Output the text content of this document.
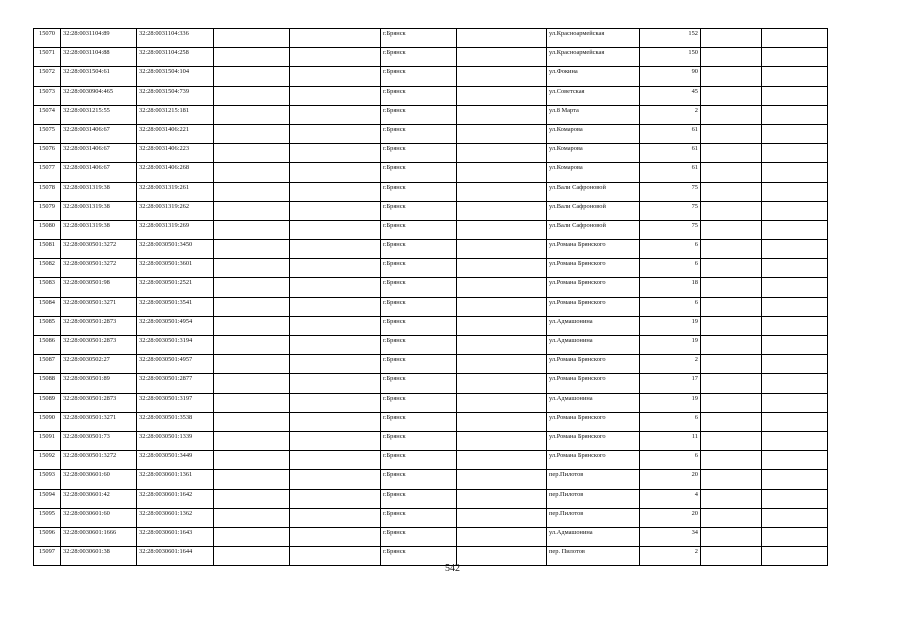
15070	32:28:0031104:89	32:28:0031104:336			г.Брянск		ул.Красноармейская	152		
15071	32:28:0031104:88	32:28:0031104:258			г.Брянск		ул.Красноармейская	150		
15072	32:28:0031504:61	32:28:0031504:104			г.Брянск		ул.Фокина	90		
15073	32:28:0030904:465	32:28:0031504:739			г.Брянск		ул.Советская	45		
15074	32:28:0031215:55	32:28:0031215:181			г.Брянск		ул.8 Марта	2		
15075	32:28:0031406:67	32:28:0031406:221			г.Брянск		ул.Комарова	61		
15076	32:28:0031406:67	32:28:0031406:223			г.Брянск		ул.Комарова	61		
15077	32:28:0031406:67	32:28:0031406:268			г.Брянск		ул.Комарова	61		
15078	32:28:0031319:38	32:28:0031319:261			г.Брянск		ул.Вали Сафроновой	75		
15079	32:28:0031319:38	32:28:0031319:262			г.Брянск		ул.Вали Сафроновой	75		
15080	32:28:0031319:38	32:28:0031319:269			г.Брянск		ул.Вали Сафроновой	75		
15081	32:28:0030501:3272	32:28:0030501:3450			г.Брянск		ул.Романа Брянского	6		
15082	32:28:0030501:3272	32:28:0030501:3601			г.Брянск		ул.Романа Брянского	6		
15083	32:28:0030501:98	32:28:0030501:2521			г.Брянск		ул.Романа Брянского	18		
15084	32:28:0030501:3271	32:28:0030501:3541			г.Брянск		ул.Романа Брянского	6		
15085	32:28:0030501:2873	32:28:0030501:4954			г.Брянск		ул.Адмашонина	19		
15086	32:28:0030501:2873	32:28:0030501:3194			г.Брянск		ул.Адмашонина	19		
15087	32:28:0030502:27	32:28:0030501:4957			г.Брянск		ул.Романа Брянского	2		
15088	32:28:0030501:89	32:28:0030501:2877			г.Брянск		ул.Романа Брянского	17		
15089	32:28:0030501:2873	32:28:0030501:3197			г.Брянск		ул.Адмашонина	19		
15090	32:28:0030501:3271	32:28:0030501:3538			г.Брянск		ул.Романа Брянского	6		
15091	32:28:0030501:73	32:28:0030501:1339			г.Брянск		ул.Романа Брянского	11		
15092	32:28:0030501:3272	32:28:0030501:3449			г.Брянск		ул.Романа Брянского	6		
15093	32:28:0030601:60	32:28:0030601:1361			г.Брянск		пер.Пилотов	20		
15094	32:28:0030601:42	32:28:0030601:1642			г.Брянск		пер.Пилотов	4		
15095	32:28:0030601:60	32:28:0030601:1362			г.Брянск		пер.Пилотов	20		
15096	32:28:0030601:1666	32:28:0030601:1643			г.Брянск		ул.Адмашонина	34		
15097	32:28:0030601:38	32:28:0030601:1644			г.Брянск		пер. Пилотов	2		
542
